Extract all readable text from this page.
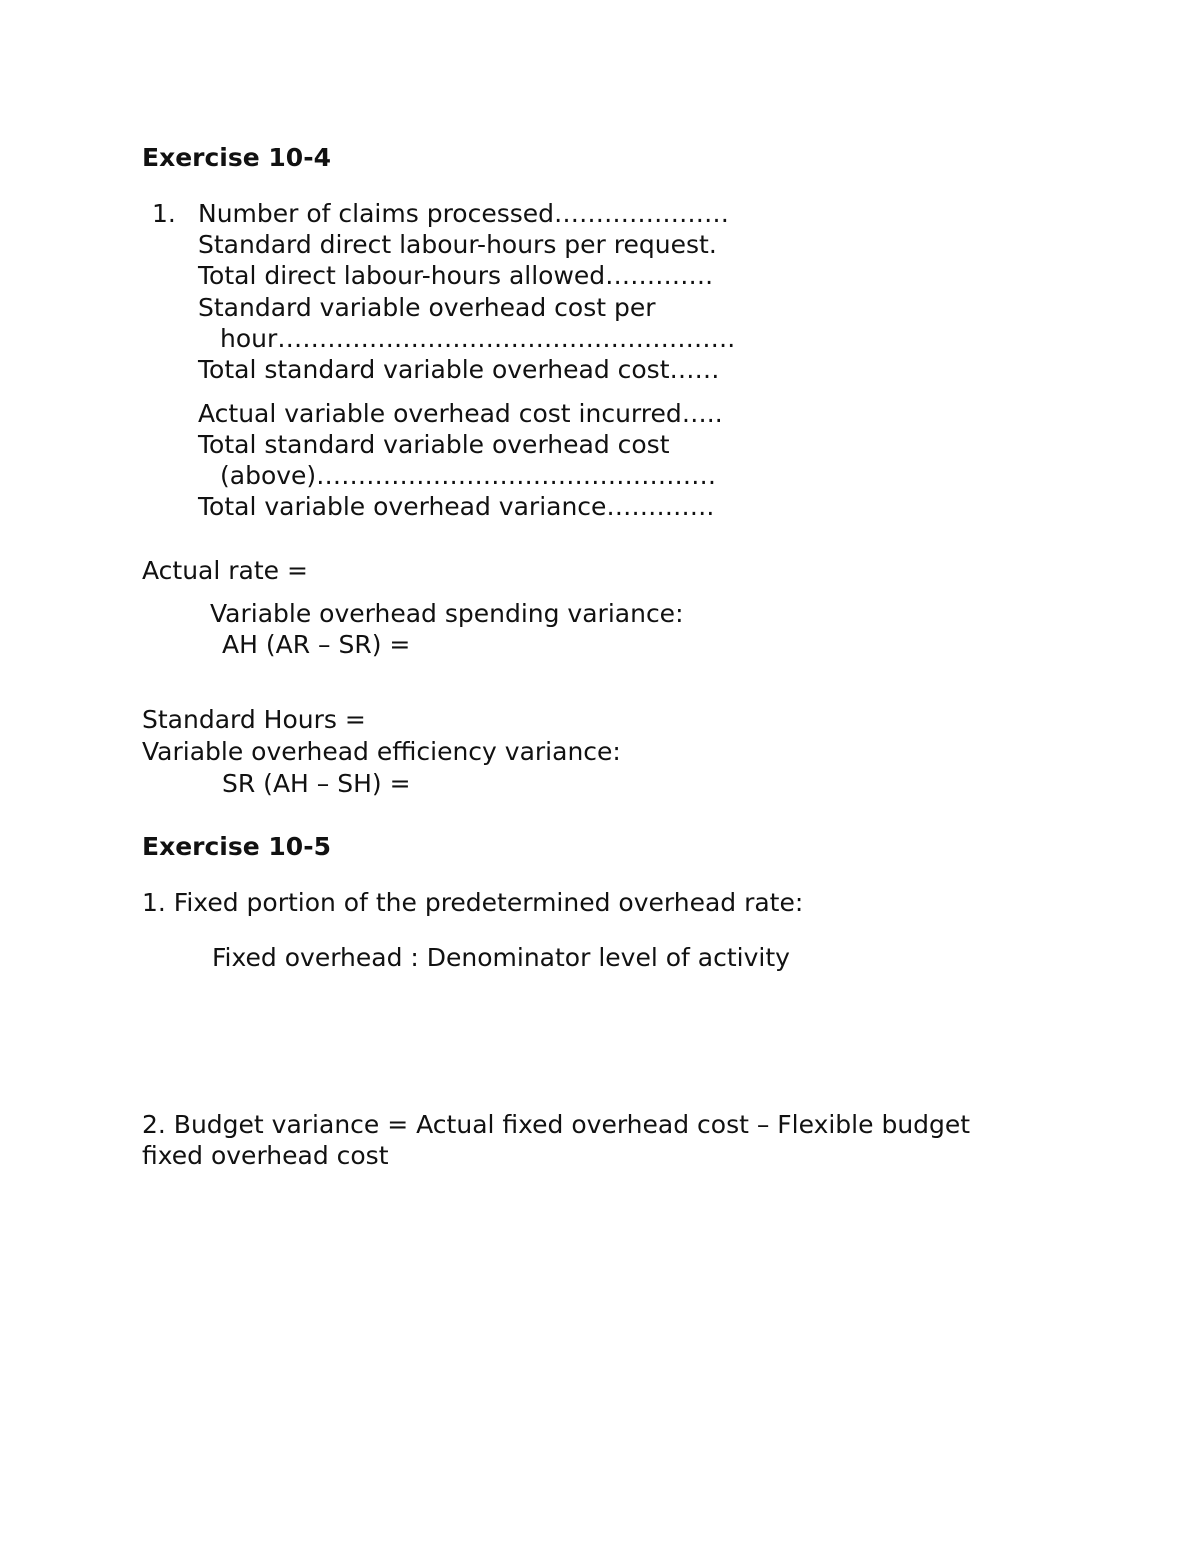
Exercise 10-4
1. Number of claims processed…………………
Standard direct labour-hours per request.
Total direct labour-hours allowed………….
Standard variable overhead cost per
hour……………………………………………….
Total standard variable overhead cost……
Actual variable overhead cost incurred…..
Total standard variable overhead cost
(above)…………………………………………
Total variable overhead variance………….
Actual rate =
Variable overhead spending variance:
AH (AR – SR) =
Standard Hours =
Variable overhead efficiency variance:
SR (AH – SH) =
Exercise 10-5
1. Fixed portion of the predetermined overhead rate:
Fixed overhead : Denominator level of activity
2. Budget variance = Actual fixed overhead cost – Flexible budget
fixed overhead cost
